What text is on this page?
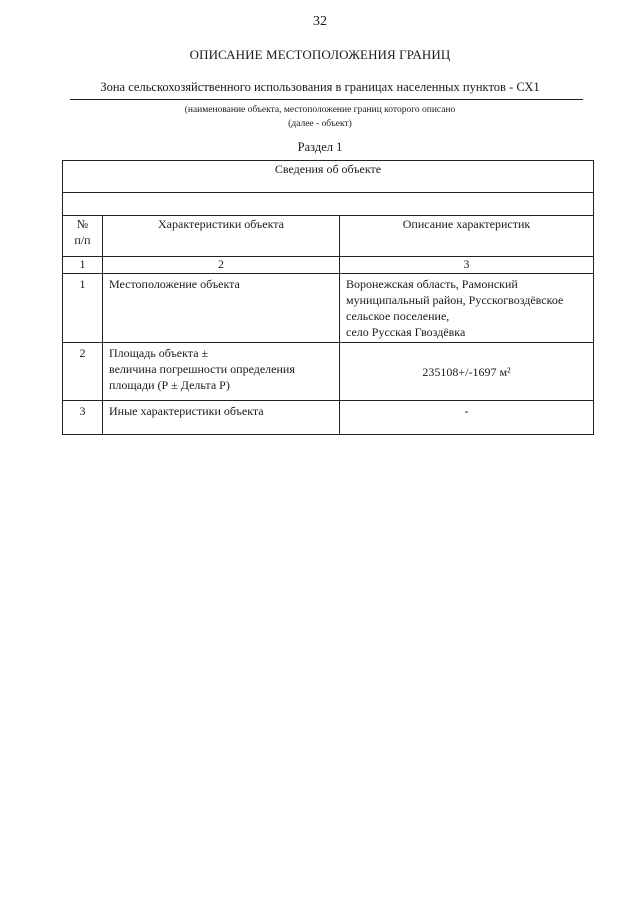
32
ОПИСАНИЕ МЕСТОПОЛОЖЕНИЯ ГРАНИЦ
Зона сельскохозяйственного использования в границах населенных пунктов - СХ1
(наименование объекта, местоположение границ которого описано
(далее - объект)
Раздел 1
Сведения об объекте		

№
п/п	Характеристики объекта	Описание характеристик
1	2	3
1	Местоположение объекта	Воронежская область, Рамонский муниципальный район, Русскогвоздёвское сельское поселение,
село Русская Гвоздёвка
2	Площадь объекта ±
величина погрешности определения площади (Р ± Дельта Р)	235108+/-1697 м²
3	Иные характеристики объекта	-
